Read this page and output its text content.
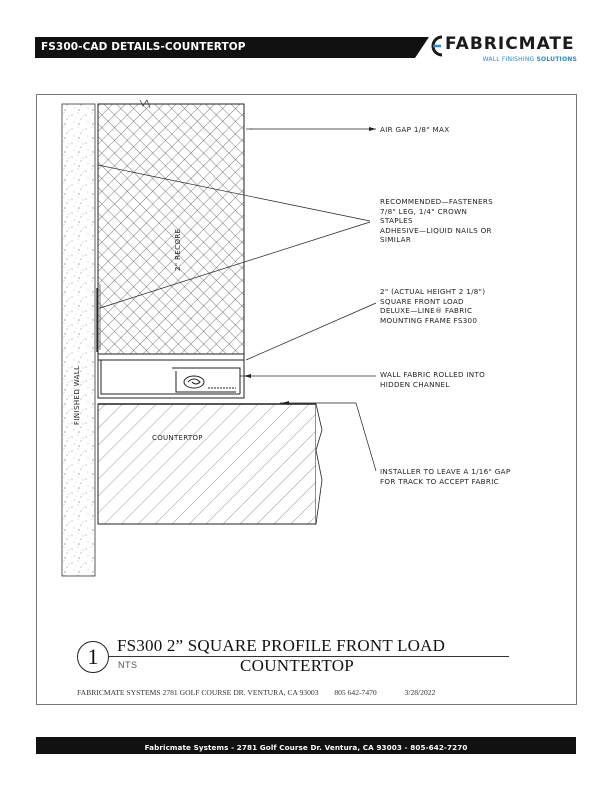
FS300-CAD DETAILS-COUNTERTOP	FABRICMATE
WALL FINISHING SOLUTIONS
2" RECORE
FINISHED WALL
COUNTERTOP
AIR GAP 1/8" MAX
RECOMMENDED—FASTENERS
7/8" LEG, 1/4" CROWN
STAPLES
ADHESIVE—LIQUID NAILS OR
SIMILAR
2" (ACTUAL HEIGHT 2 1/8")
SQUARE FRONT LOAD
DELUXE—LINE® FABRIC
MOUNTING FRAME FS300
WALL FABRIC ROLLED INTO
HIDDEN CHANNEL
INSTALLER TO LEAVE A 1/16" GAP
FOR TRACK TO ACCEPT FABRIC
1	FS300 2” SQUARE PROFILE FRONT LOAD
NTS	COUNTERTOP
FABRICMATE SYSTEMS 2781 GOLF COURSE DR. VENTURA, CA 93003 805 642-7470	3/28/2022
Fabricmate Systems - 2781 Golf Course Dr. Ventura, CA 93003 - 805-642-7270
